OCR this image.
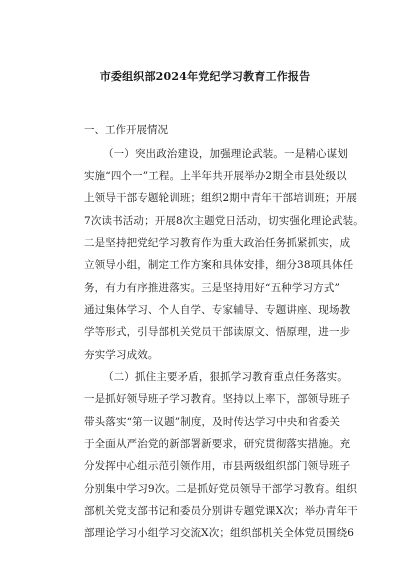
市委组织部2024年党纪学习教育工作报告
一、工作开展情况
（一）突出政治建设，加强理论武装。一是精心谋划
实施“四个一”工程。上半年共开展举办2期全市县处级以
上领导干部专题轮训班；组织2期中青年干部培训班；开展
7次读书活动；开展8次主题党日活动，切实强化理论武装。
二是坚持把党纪学习教育作为重大政治任务抓紧抓实，成
立领导小组，制定工作方案和具体安排，细分38项具体任
务，有力有序推进落实。三是坚持用好“五种学习方式”
通过集体学习、个人自学、专家辅导、专题讲座、现场教
学等形式，引导部机关党员干部读原文、悟原理，进一步
夯实学习成效。
（二）抓住主要矛盾，狠抓学习教育重点任务落实。
一是抓好领导班子学习教育。坚持以上率下，部领导班子
带头落实“第一议题”制度，及时传达学习中央和省委关
于全面从严治党的新部署新要求，研究贯彻落实措施。充
分发挥中心组示范引领作用，市县两级组织部门领导班子
分别集中学习9次。二是抓好党员领导干部学习教育。组织
部机关党支部书记和委员分别讲专题党课X次；举办青年干
部理论学习小组学习交流X次；组织部机关全体党员围绕6
